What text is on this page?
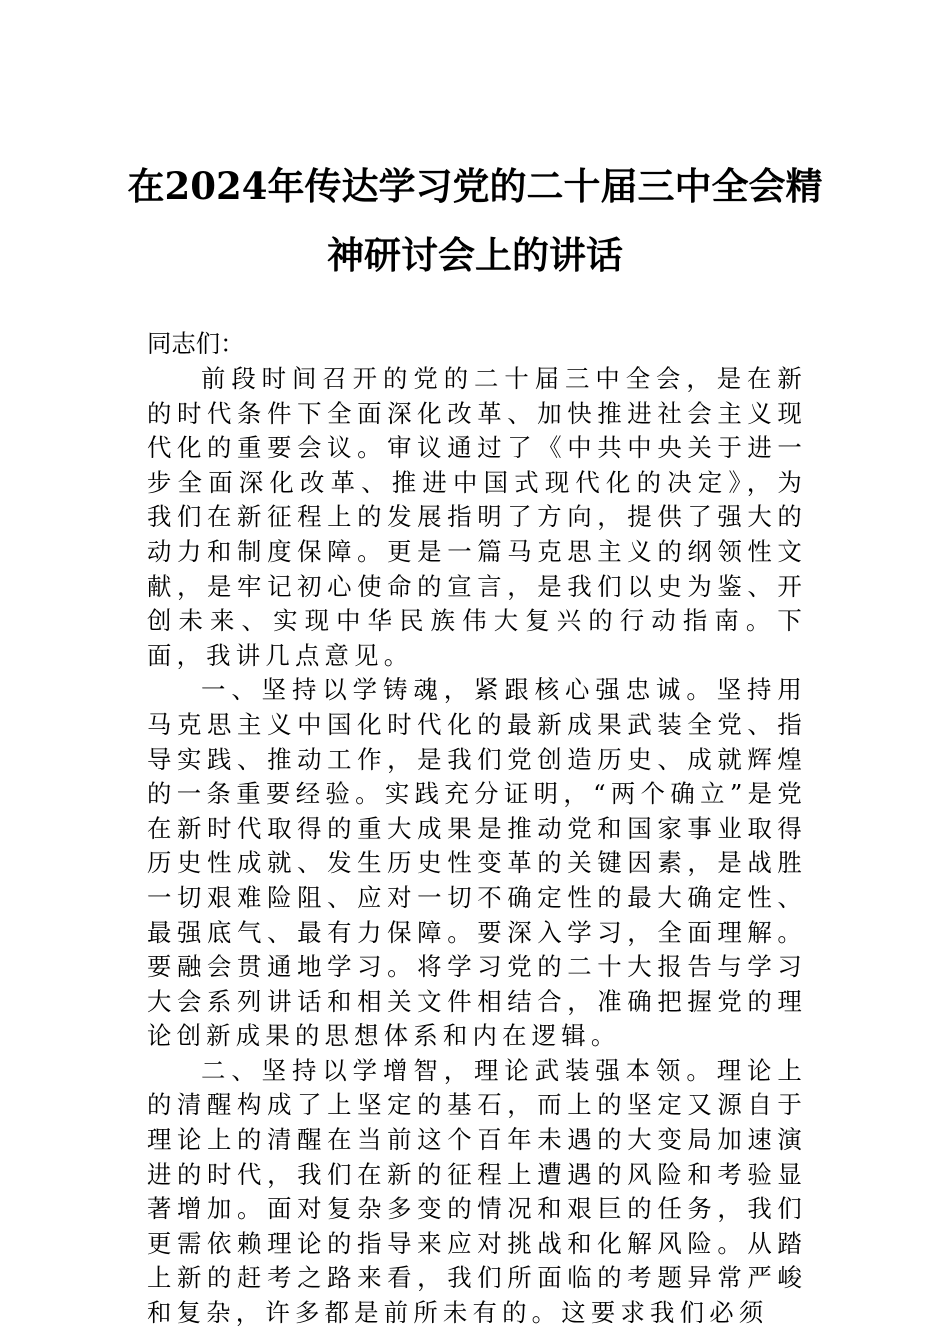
在2024年传达学习党的二十届三中全会精
神研讨会上的讲话
同志们：

前段时间召开的党的二十届三中全会，是在新的时代条件下全面深化改革、加快推进社会主义现代化的重要会议。审议通过了《中共中央关于进一步全面深化改革、推进中国式现代化的决定》，为我们在新征程上的发展指明了方向，提供了强大的动力和制度保障。更是一篇马克思主义的纲领性文献，是牢记初心使命的宣言，是我们以史为鉴、开创未来、实现中华民族伟大复兴的行动指南。下面，我讲几点意见。

一、坚持以学铸魂，紧跟核心强忠诚。坚持用马克思主义中国化时代化的最新成果武装全党、指导实践、推动工作，是我们党创造历史、成就辉煌的一条重要经验。实践充分证明，“两个确立”是党在新时代取得的重大成果是推动党和国家事业取得历史性成就、发生历史性变革的关键因素，是战胜一切艰难险阻、应对一切不确定性的最大确定性、最强底气、最有力保障。要深入学习，全面理解。要融会贯通地学习。将学习党的二十大报告与学习大会系列讲话和相关文件相结合，准确把握党的理论创新成果的思想体系和内在逻辑。

二、坚持以学增智，理论武装强本领。理论上的清醒构成了上坚定的基石，而上的坚定又源自于理论上的清醒在当前这个百年未遇的大变局加速演进的时代，我们在新的征程上遭遇的风险和考验显著增加。面对复杂多变的情况和艰巨的任务，我们更需依赖理论的指导来应对挑战和化解风险。从踏上新的赶考之路来看，我们所面临的考题异常严峻和复杂，许多都是前所未有的。这要求我们必须
